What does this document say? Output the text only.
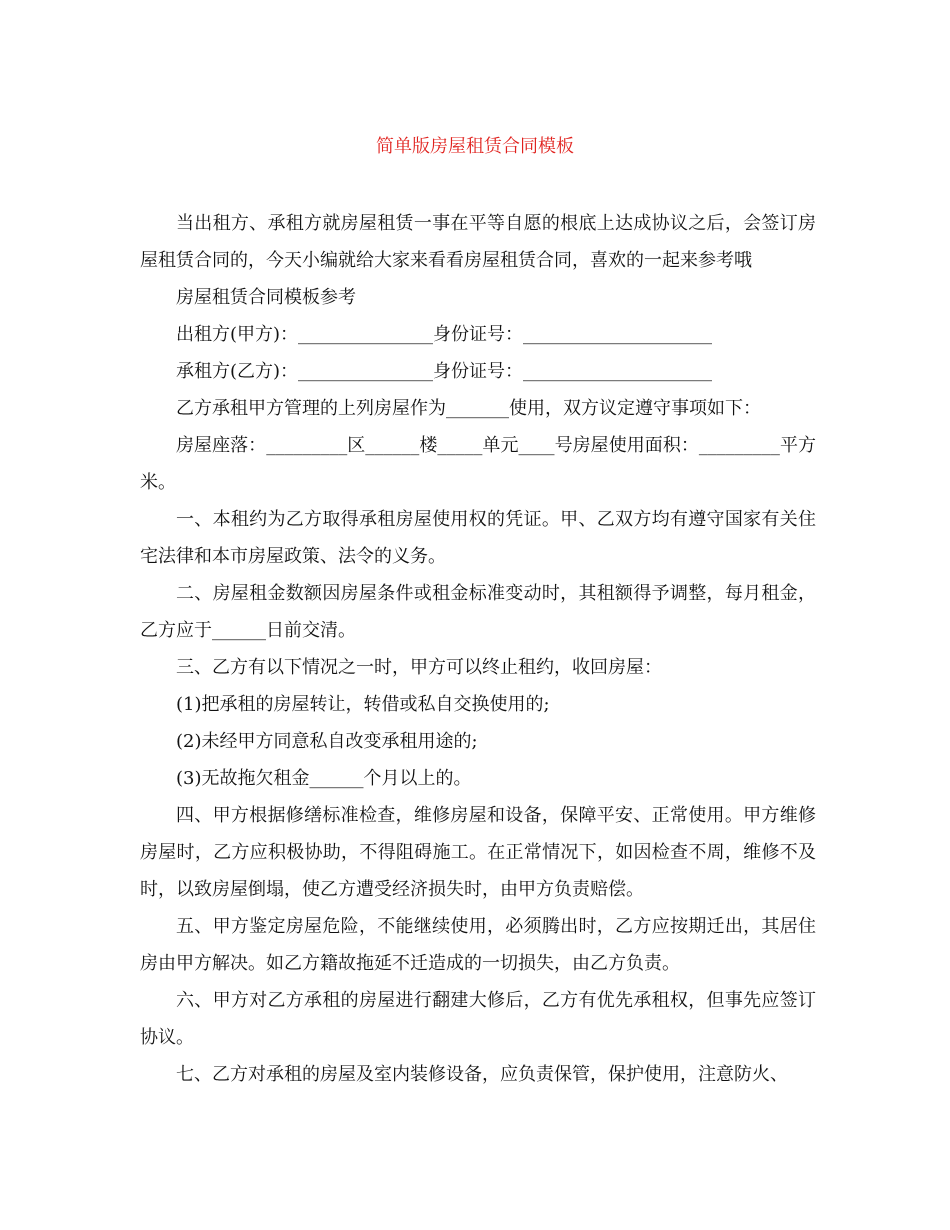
简单版房屋租赁合同模板

当出租方、承租方就房屋租赁一事在平等自愿的根底上达成协议之后，会签订房屋租赁合同的，今天小编就给大家来看看房屋租赁合同，喜欢的一起来参考哦

房屋租赁合同模板参考

出租方(甲方)：_______________身份证号：_____________________

承租方(乙方)：_______________身份证号：_____________________

乙方承租甲方管理的上列房屋作为_______使用，双方议定遵守事项如下：

房屋座落：_________区______楼_____单元____号房屋使用面积：_________平方米。

一、本租约为乙方取得承租房屋使用权的凭证。甲、乙双方均有遵守国家有关住宅法律和本市房屋政策、法令的义务。

二、房屋租金数额因房屋条件或租金标准变动时，其租额得予调整，每月租金，乙方应于______日前交清。

三、乙方有以下情况之一时，甲方可以终止租约，收回房屋：

(1)把承租的房屋转让，转借或私自交换使用的;

(2)未经甲方同意私自改变承租用途的;

(3)无故拖欠租金______个月以上的。

四、甲方根据修缮标准检查，维修房屋和设备，保障平安、正常使用。甲方维修房屋时，乙方应积极协助，不得阻碍施工。在正常情况下，如因检查不周，维修不及时，以致房屋倒塌，使乙方遭受经济损失时，由甲方负责赔偿。

五、甲方鉴定房屋危险，不能继续使用，必须腾出时，乙方应按期迁出，其居住房由甲方解决。如乙方籍故拖延不迁造成的一切损失，由乙方负责。

六、甲方对乙方承租的房屋进行翻建大修后，乙方有优先承租权，但事先应签订协议。

七、乙方对承租的房屋及室内装修设备，应负责保管，保护使用，注意防火、
